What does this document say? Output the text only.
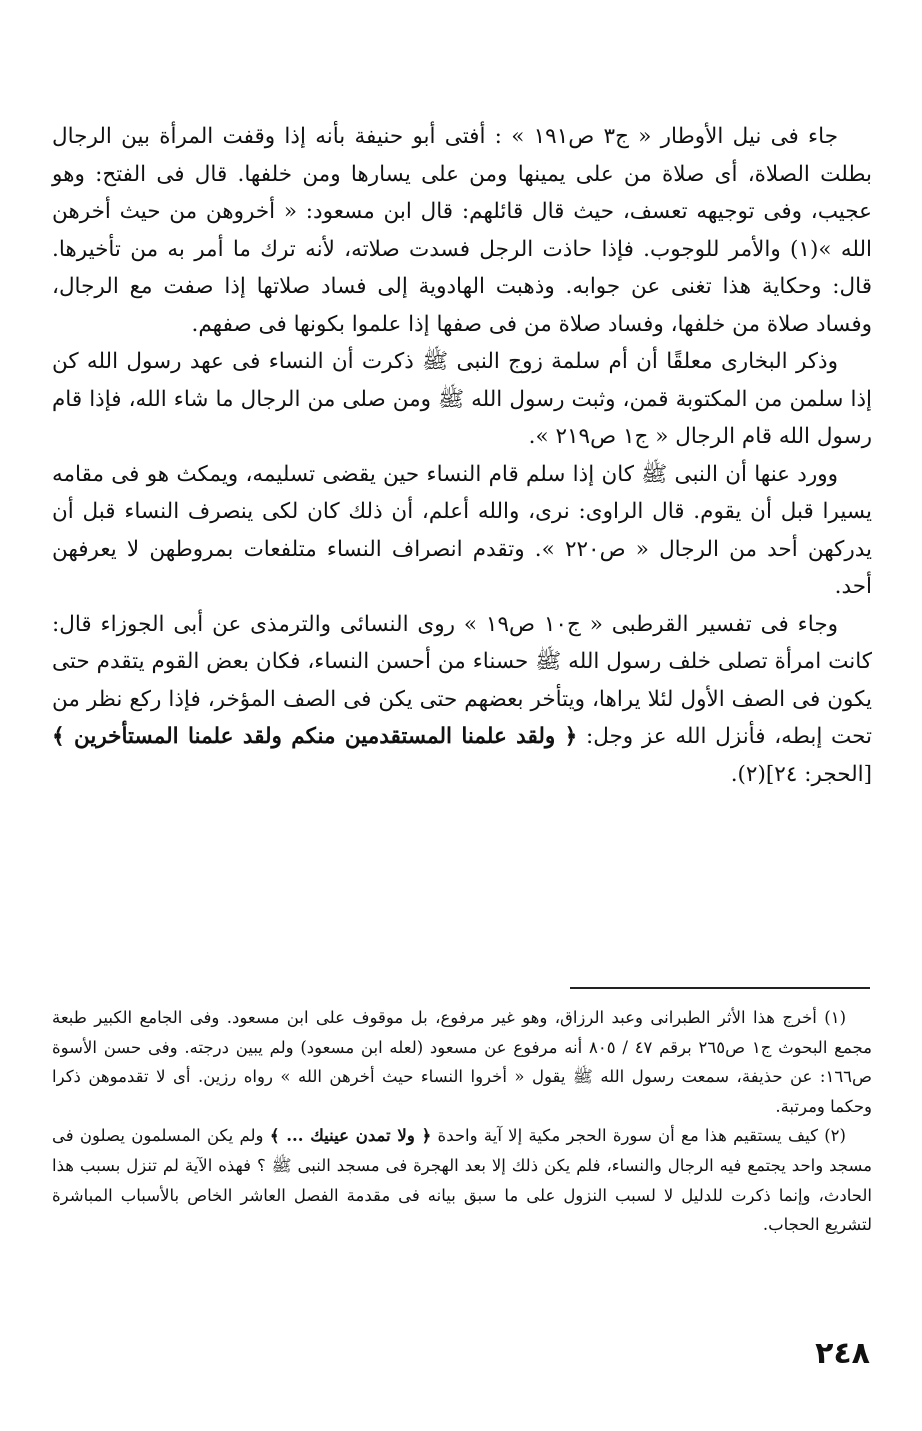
جاء فى نيل الأوطار « ج٣ ص١٩١ » : أفتى أبو حنيفة بأنه إذا وقفت المرأة بين الرجال بطلت الصلاة، أى صلاة من على يمينها ومن على يسارها ومن خلفها. قال فى الفتح: وهو عجيب، وفى توجيهه تعسف، حيث قال قائلهم: قال ابن مسعود: « أخروهن من حيث أخرهن الله »(١) والأمر للوجوب. فإذا حاذت الرجل فسدت صلاته، لأنه ترك ما أمر به من تأخيرها. قال: وحكاية هذا تغنى عن جوابه. وذهبت الهادوية إلى فساد صلاتها إذا صفت مع الرجال، وفساد صلاة من خلفها، وفساد صلاة من فى صفها إذا علموا بكونها فى صفهم.

وذكر البخارى معلقًا أن أم سلمة زوج النبى ﷺ ذكرت أن النساء فى عهد رسول الله كن إذا سلمن من المكتوبة قمن، وثبت رسول الله ﷺ ومن صلى من الرجال ما شاء الله، فإذا قام رسول الله قام الرجال « ج١ ص٢١٩ ».

وورد عنها أن النبى ﷺ كان إذا سلم قام النساء حين يقضى تسليمه، ويمكث هو فى مقامه يسيرا قبل أن يقوم. قال الراوى: نرى، والله أعلم، أن ذلك كان لكى ينصرف النساء قبل أن يدركهن أحد من الرجال « ص٢٢٠ ». وتقدم انصراف النساء متلفعات بمروطهن لا يعرفهن أحد.

وجاء فى تفسير القرطبى « ج١٠ ص١٩ » روى النسائى والترمذى عن أبى الجوزاء قال: كانت امرأة تصلى خلف رسول الله ﷺ حسناء من أحسن النساء، فكان بعض القوم يتقدم حتى يكون فى الصف الأول لئلا يراها، ويتأخر بعضهم حتى يكن فى الصف المؤخر، فإذا ركع نظر من تحت إبطه، فأنزل الله عز وجل: ﴿ ولقد علمنا المستقدمين منكم ولقد علمنا المستأخرين ﴾ [الحجر: ٢٤](٢).

(١) أخرج هذا الأثر الطبرانى وعبد الرزاق، وهو غير مرفوع، بل موقوف على ابن مسعود. وفى الجامع الكبير طبعة مجمع البحوث ج١ ص٢٦٥ برقم ٤٧ / ٨٠٥ أنه مرفوع عن مسعود (لعله ابن مسعود) ولم يبين درجته. وفى حسن الأسوة ص١٦٦: عن حذيفة، سمعت رسول الله ﷺ يقول « أخروا النساء حيث أخرهن الله » رواه رزين. أى لا تقدموهن ذكرا وحكما ومرتبة.

(٢) كيف يستقيم هذا مع أن سورة الحجر مكية إلا آية واحدة ﴿ ولا تمدن عينيك ... ﴾ ولم يكن المسلمون يصلون فى مسجد واحد يجتمع فيه الرجال والنساء، فلم يكن ذلك إلا بعد الهجرة فى مسجد النبى ﷺ ؟ فهذه الآية لم تنزل بسبب هذا الحادث، وإنما ذكرت للدليل لا لسبب النزول على ما سبق بيانه فى مقدمة الفصل العاشر الخاص بالأسباب المباشرة لتشريع الحجاب.

٢٤٨
